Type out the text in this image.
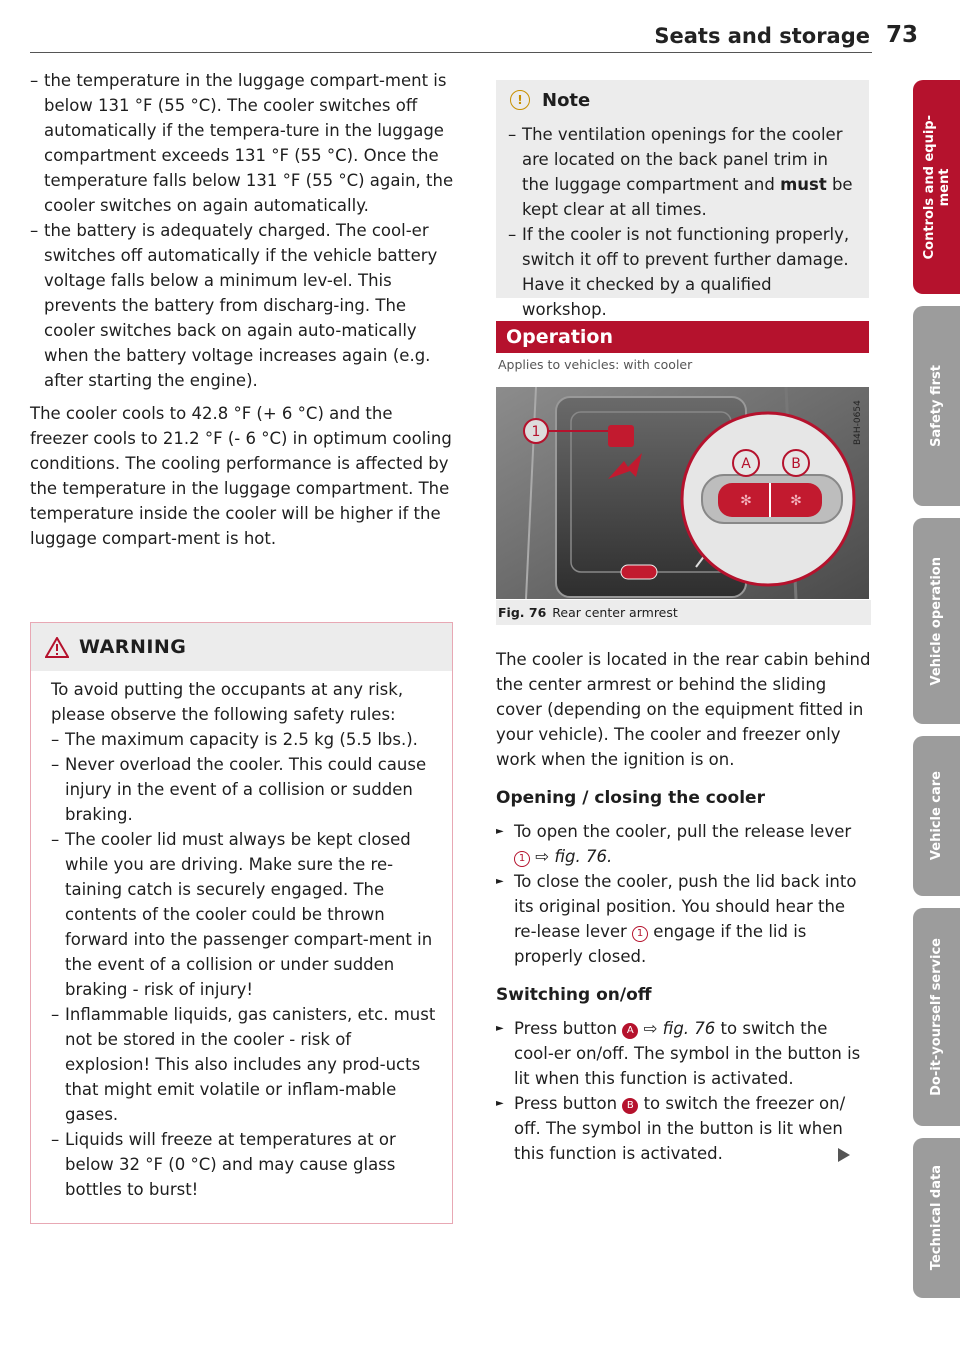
Seats and storage 73
Controls and equip-
ment
Safety first
Vehicle operation
Vehicle care
Do-it-yourself service
Technical data
– the temperature in the luggage compart-ment is below 131 °F (55 °C). The cooler switches off automatically if the tempera-ture in the luggage compartment exceeds 131 °F (55 °C). Once the temperature falls below 131 °F (55 °C) again, the cooler switches on again automatically.
– the battery is adequately charged. The cool-er switches off automatically if the vehicle battery voltage falls below a minimum lev-el. This prevents the battery from discharg-ing. The cooler switches back on again auto-matically when the battery voltage increases again (e.g. after starting the engine).

The cooler cools to 42.8 °F (+ 6 °C) and the freezer cools to 21.2 °F (- 6 °C) in optimum cooling conditions. The cooling performance is affected by the temperature in the luggage compartment. The temperature inside the cooler will be higher if the luggage compart-ment is hot.

WARNING

To avoid putting the occupants at any risk, please observe the following safety rules:

– The maximum capacity is 2.5 kg (5.5 lbs.).
– Never overload the cooler. This could cause injury in the event of a collision or sudden braking.
– The cooler lid must always be kept closed while you are driving. Make sure the re-taining catch is securely engaged. The contents of the cooler could be thrown forward into the passenger compart-ment in the event of a collision or under sudden braking - risk of injury!
– Inflammable liquids, gas canisters, etc. must not be stored in the cooler - risk of explosion! This also includes any prod-ucts that might emit volatile or inflam-mable gases.
– Liquids will freeze at temperatures at or below 32 °F (0 °C) and may cause glass bottles to burst!
!	Note
– The ventilation openings for the cooler are located on the back panel trim in the luggage compartment and must be kept clear at all times.
– If the cooler is not functioning properly, switch it off to prevent further damage. Have it checked by a qualified workshop.
Operation
Applies to vehicles: with cooler
1
✻	✻
A	B
B4H-0654
Fig. 76 Rear center armrest

The cooler is located in the rear cabin behind the center armrest or behind the sliding cover (depending on the equipment fitted in your vehicle). The cooler and freezer only work when the ignition is on.

Opening / closing the cooler
► To open the cooler, pull the release lever 1 ⇨ fig. 76.
► To close the cooler, push the lid back into its original position. You should hear the re-lease lever 1 engage if the lid is properly closed.
Switching on/off
► Press button A ⇨ fig. 76 to switch the cool-er on/off. The symbol in the button is lit when this function is activated.
► Press button B to switch the freezer on/ off. The symbol in the button is lit when this function is activated.
